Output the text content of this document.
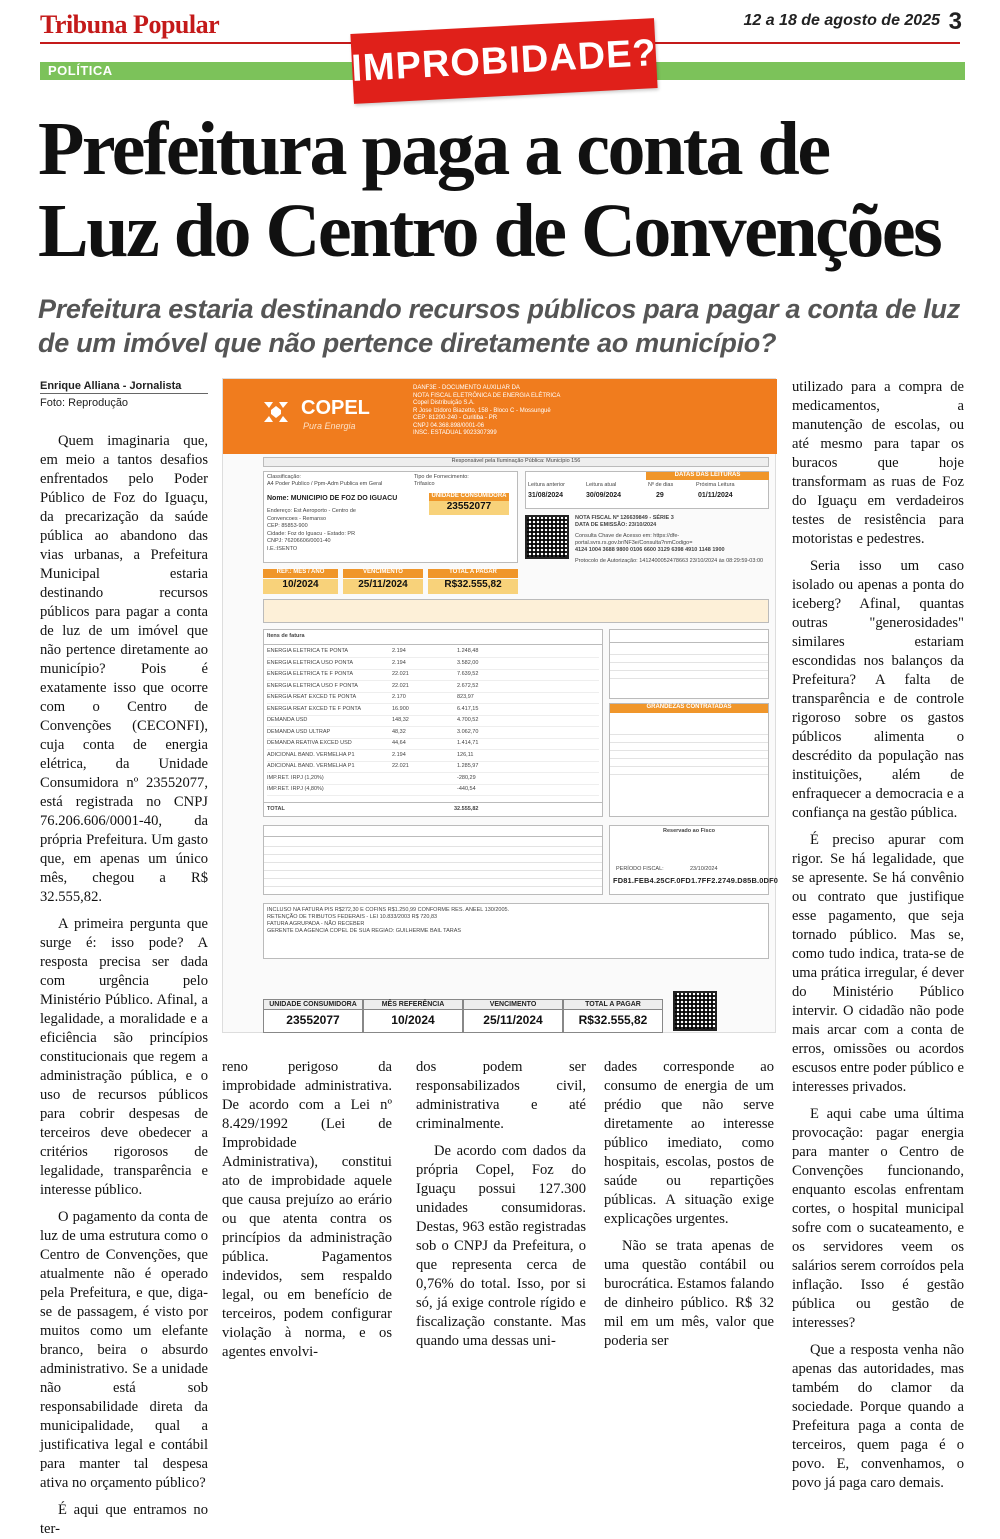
Tribuna Popular	12 a 18 de agosto de 2025 3
POLÍTICA	IMPROBIDADE?
Prefeitura paga a conta de
Luz do Centro de Convenções
Prefeitura estaria destinando recursos públicos para pagar a conta de luz de um imóvel que não pertence diretamente ao município?
Enrique Alliana - Jornalista
Foto: Reprodução

Quem imaginaria que, em meio a tantos desafios enfrentados pelo Poder Público de Foz do Iguaçu, da precarização da saúde pública ao abandono das vias urbanas, a Prefeitura Municipal estaria destinando recursos públicos para pagar a conta de luz de um imóvel que não pertence diretamente ao município? Pois é exatamente isso que ocorre com o Centro de Convenções (CECONFI), cuja conta de energia elétrica, da Unidade Consumidora nº 23552077, está registrada no CNPJ 76.206.606/0001-40, da própria Prefeitura. Um gasto que, em apenas um único mês, chegou a R$ 32.555,82.

A primeira pergunta que surge é: isso pode? A resposta precisa ser dada com urgência pelo Ministério Público. Afinal, a legalidade, a moralidade e a eficiência são princípios constitucionais que regem a administração pública, e o uso de recursos públicos para cobrir despesas de terceiros deve obedecer a critérios rigorosos de legalidade, transparência e interesse público.

O pagamento da conta de luz de uma estrutura como o Centro de Convenções, que atualmente não é operado pela Prefeitura, e que, diga-se de passagem, é visto por muitos como um elefante branco, beira o absurdo administrativo. Se a unidade não está sob responsabilidade direta da municipalidade, qual a justificativa legal e contábil para manter tal despesa ativa no orçamento público?

É aqui que entramos no ter-

COPEL
Pura Energia
DANF3E - DOCUMENTO AUXILIAR DA
NOTA FISCAL ELETRÔNICA DE ENERGIA ELÉTRICA
Copel Distribuição S.A.
R Jose Izidoro Biazetto, 158 - Bloco C - Mossunguê
CEP: 81200-240 - Curitiba - PR
CNPJ 04.368.898/0001-06
INSC. ESTADUAL 9023307399
Responsável pela Iluminação Pública: Município 156
Classificação:
A4 Poder Publico / Ppm-Adm Publica em Geral
Tipo de Fornecimento:
Trifasico
Nome: MUNICIPIO DE FOZ DO IGUACU	UNIDADE CONSUMIDORA
23552077
Endereço: Est Aeroporto - Centro de
Convencoes - Remanso
CEP: 85853-900
Cidade: Foz do Iguacu - Estado: PR
CNPJ: 76206606/0001-40
I.E.:ISENTO
DATAS DAS LEITURAS
Leitura anterior
31/08/2024
Leitura atual
30/09/2024
Nº de dias
29
Próxima Leitura
01/11/2024
NOTA FISCAL Nº 126639849 - SÉRIE 3
DATA DE EMISSÃO: 23/10/2024
Consulta Chave de Acesso em: https://dfe-portal.svrs.rs.gov.br/NF3e/Consulta?nmCodigo=
4124 1004 3688 9800 0106 6600 3129 6398 4910 1148 1900
Protocolo de Autorização: 1412400052478663 23/10/2024 às 08:29:59-03:00
REF.: MÊS / ANO
10/2024
VENCIMENTO
25/11/2024
TOTAL A PAGAR
R$32.555,82
Itens de fatura
ENERGIA ELETRICA TE PONTA	2.194	1.248,48
ENERGIA ELETRICA USO PONTA	2.194	3.582,00
ENERGIA ELETRICA TE F PONTA	22.021	7.639,52
ENERGIA ELETRICA USO F PONTA	22.021	2.672,52
ENERGIA REAT EXCED TE PONTA	2.170	823,97
ENERGIA REAT EXCED TE F PONTA	16.900	6.417,15
DEMANDA USD	148,32	4.700,52
DEMANDA USD ULTRAP	48,32	3.062,70
DEMANDA REATIVA EXCED USD	44,64	1.414,71
ADICIONAL BAND. VERMELHA P1	2.194	126,11
ADICIONAL BAND. VERMELHA P1	22.021	1.285,97
IMP.RET. IRPJ (1,20%)	-280,29
IMP.RET. IRPJ (4,80%)	-440,54
TOTAL	32.555,82
GRANDEZAS CONTRATADAS
Reservado ao Fisco
PERÍODO FISCAL:	23/10/2024
FD81.FEB4.25CF.0FD1.7FF2.2749.D85B.0DF0
INCLUSO NA FATURA PIS R$272,30 E COFINS R$1.250,99 CONFORME RES. ANEEL 130/2005.
RETENÇÃO DE TRIBUTOS FEDERAIS - LEI 10.833/2003 R$ 720,83
FATURA AGRUPADA - NÃO RECEBER
GERENTE DA AGENCIA COPEL DE SUA REGIAO: GUILHERME BAIL TARAS
UNIDADE CONSUMIDORA
23552077
MÊS REFERÊNCIA
10/2024
VENCIMENTO
25/11/2024
TOTAL A PAGAR
R$32.555,82

reno perigoso da improbidade administrativa. De acordo com a Lei nº 8.429/1992 (Lei de Improbidade Administrativa), constitui ato de improbidade aquele que causa prejuízo ao erário ou que atenta contra os princípios da administração pública. Pagamentos indevidos, sem respaldo legal, ou em benefício de terceiros, podem configurar violação à norma, e os agentes envolvi-

dos podem ser responsabilizados civil, administrativa e até criminalmente.

De acordo com dados da própria Copel, Foz do Iguaçu possui 127.300 unidades consumidoras. Destas, 963 estão registradas sob o CNPJ da Prefeitura, o que representa cerca de 0,76% do total. Isso, por si só, já exige controle rígido e fiscalização constante. Mas quando uma dessas uni-

dades corresponde ao consumo de energia de um prédio que não serve diretamente ao interesse público imediato, como hospitais, escolas, postos de saúde ou repartições públicas. A situação exige explicações urgentes.

Não se trata apenas de uma questão contábil ou burocrática. Estamos falando de dinheiro público. R$ 32 mil em um mês, valor que poderia ser

utilizado para a compra de medicamentos, a manutenção de escolas, ou até mesmo para tapar os buracos que hoje transformam as ruas de Foz do Iguaçu em verdadeiros testes de resistência para motoristas e pedestres.

Seria isso um caso isolado ou apenas a ponta do iceberg? Afinal, quantas outras "generosidades" similares estariam escondidas nos balanços da Prefeitura? A falta de transparência e de controle rigoroso sobre os gastos públicos alimenta o descrédito da população nas instituições, além de enfraquecer a democracia e a confiança na gestão pública.

É preciso apurar com rigor. Se há legalidade, que se apresente. Se há convênio ou contrato que justifique esse pagamento, que seja tornado público. Mas se, como tudo indica, trata-se de uma prática irregular, é dever do Ministério Público intervir. O cidadão não pode mais arcar com a conta de erros, omissões ou acordos escusos entre poder público e interesses privados.

E aqui cabe uma última provocação: pagar energia para manter o Centro de Convenções funcionando, enquanto escolas enfrentam cortes, o hospital municipal sofre com o sucateamento, e os servidores veem os salários serem corroídos pela inflação. Isso é gestão pública ou gestão de interesses?

Que a resposta venha não apenas das autoridades, mas também do clamor da sociedade. Porque quando a Prefeitura paga a conta de terceiros, quem paga é o povo. E, convenhamos, o povo já paga caro demais.
